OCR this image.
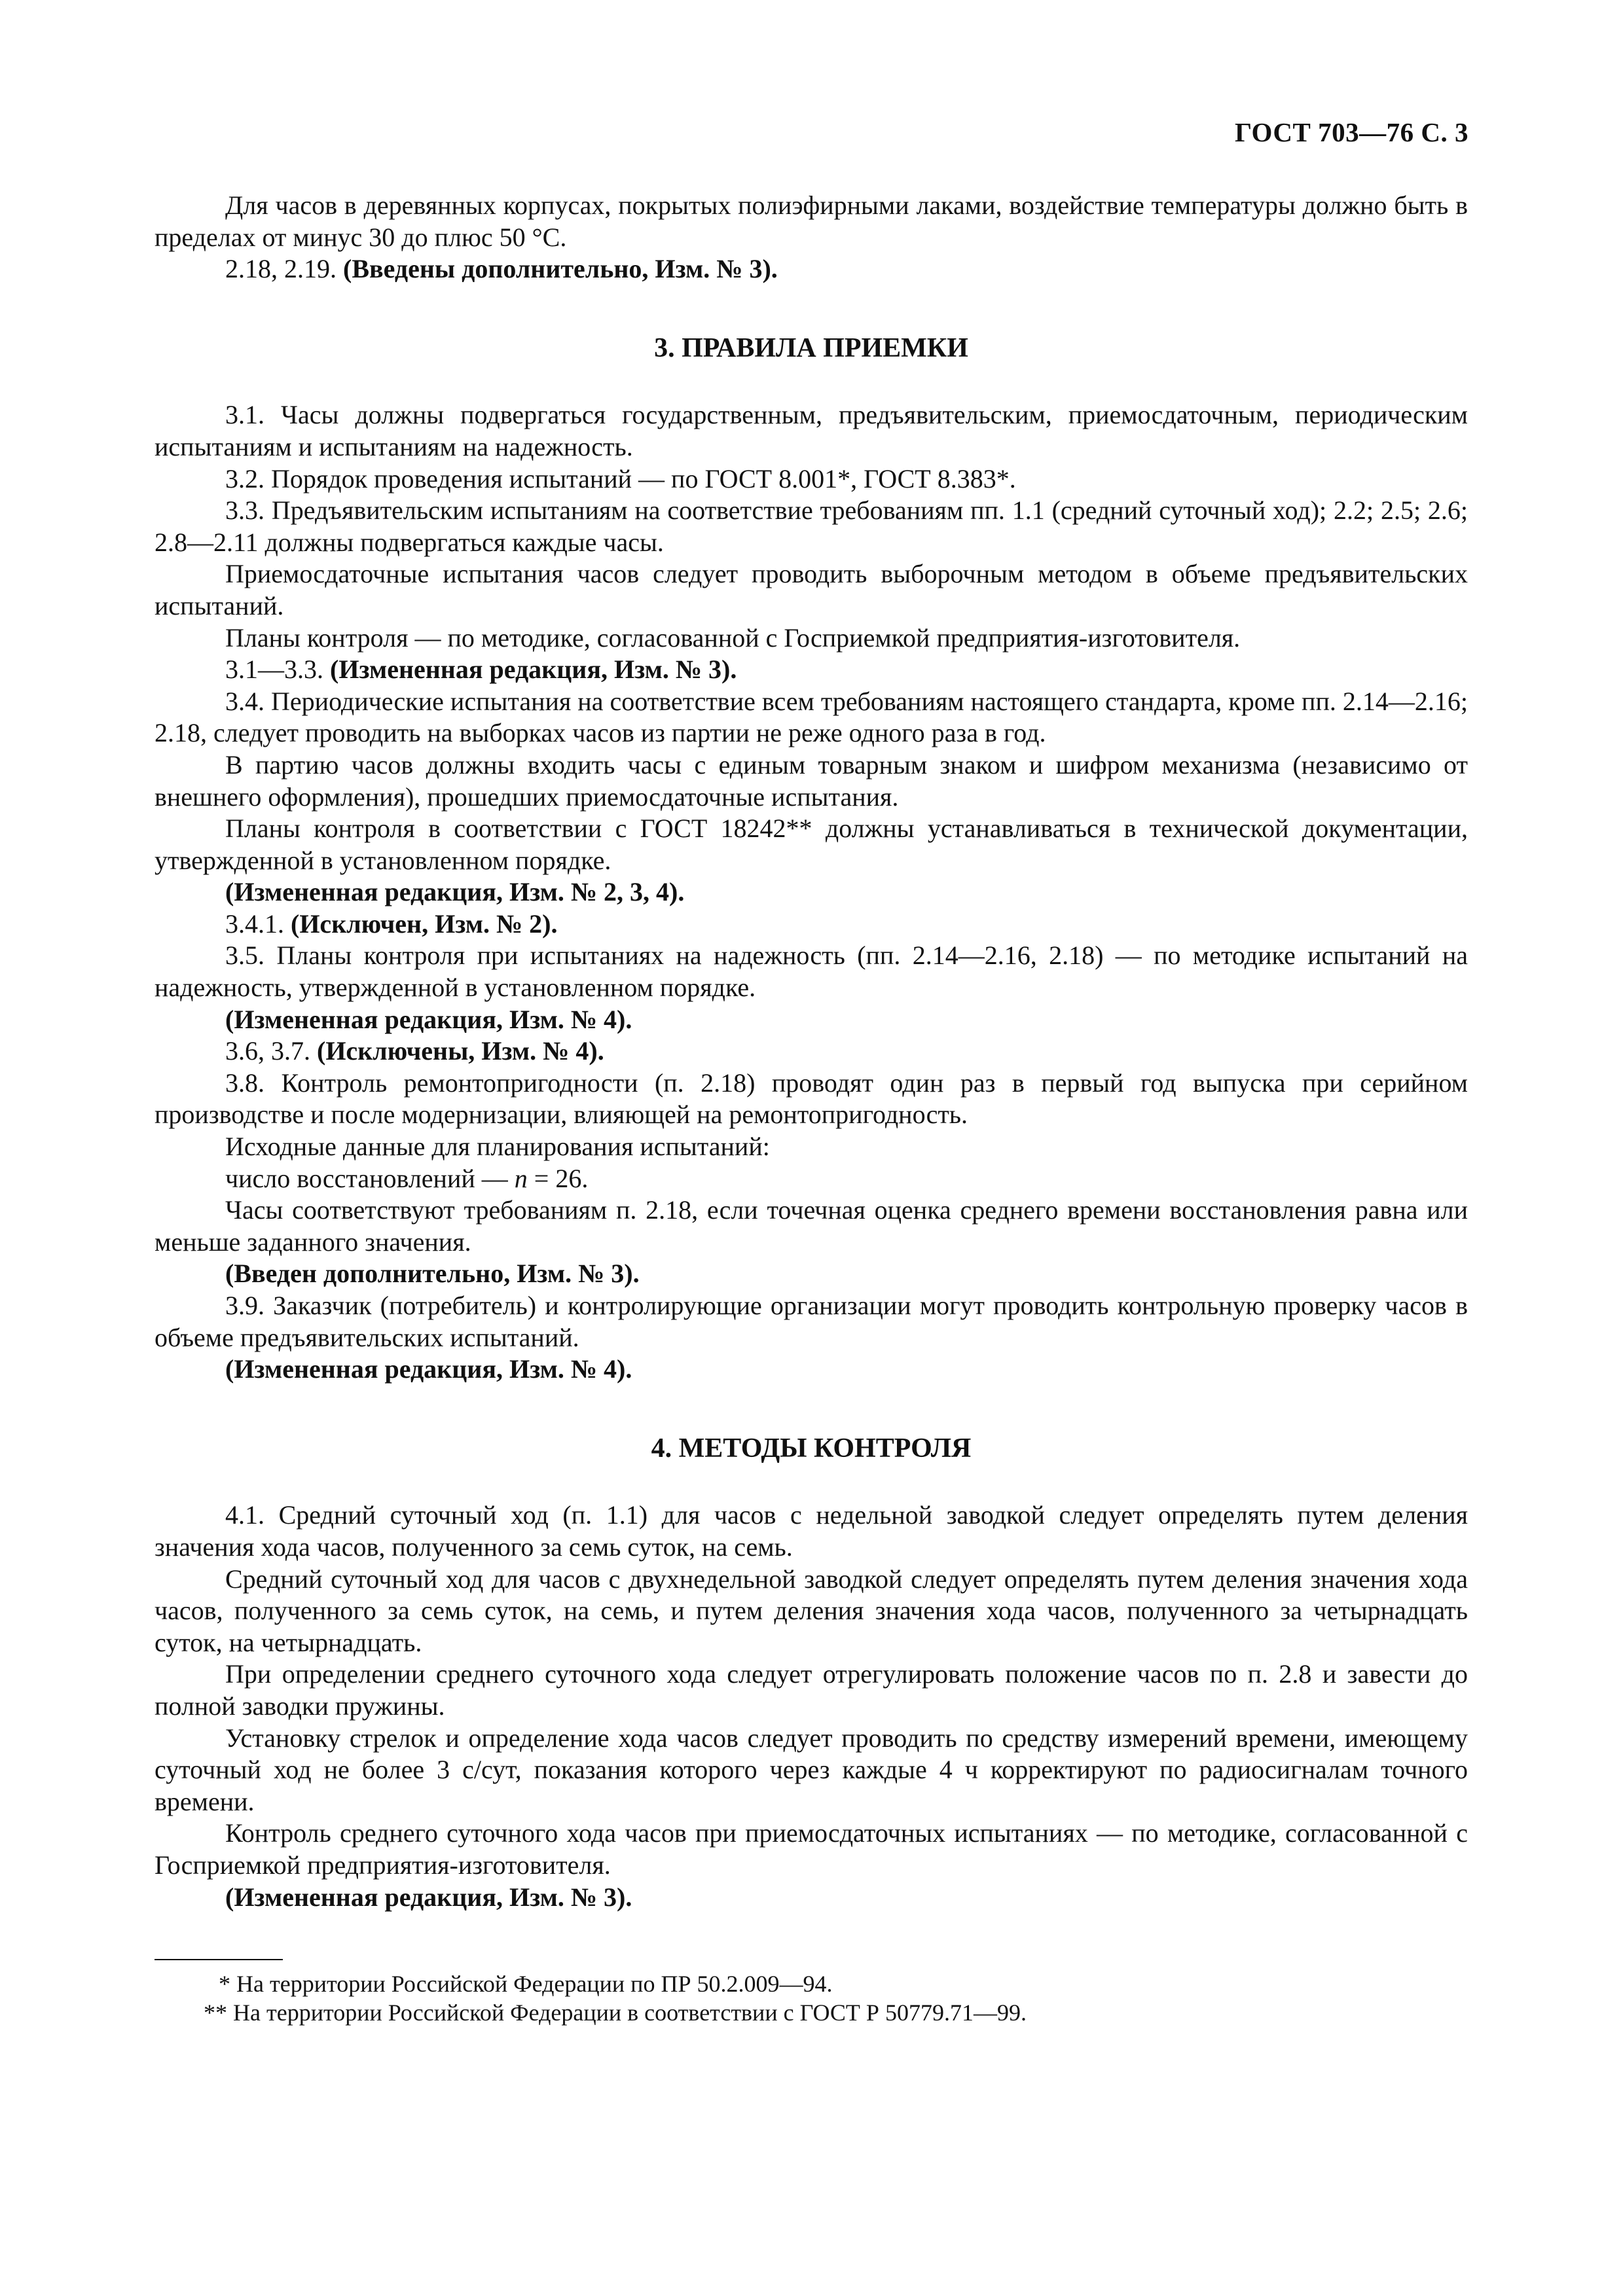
ГОСТ 703—76 С. 3

Для часов в деревянных корпусах, покрытых полиэфирными лаками, воздействие температуры должно быть в пределах от минус 30 до плюс 50 °С.

2.18, 2.19. (Введены дополнительно, Изм. № 3).

3. ПРАВИЛА ПРИЕМКИ

3.1. Часы должны подвергаться государственным, предъявительским, приемосдаточным, периодическим испытаниям и испытаниям на надежность.

3.2. Порядок проведения испытаний — по ГОСТ 8.001*, ГОСТ 8.383*.

3.3. Предъявительским испытаниям на соответствие требованиям пп. 1.1 (средний суточный ход); 2.2; 2.5; 2.6; 2.8—2.11 должны подвергаться каждые часы.

Приемосдаточные испытания часов следует проводить выборочным методом в объеме предъявительских испытаний.

Планы контроля — по методике, согласованной с Госприемкой предприятия-изготовителя.

3.1—3.3. (Измененная редакция, Изм. № 3).

3.4. Периодические испытания на соответствие всем требованиям настоящего стандарта, кроме пп. 2.14—2.16; 2.18, следует проводить на выборках часов из партии не реже одного раза в год.

В партию часов должны входить часы с единым товарным знаком и шифром механизма (независимо от внешнего оформления), прошедших приемосдаточные испытания.

Планы контроля в соответствии с ГОСТ 18242** должны устанавливаться в технической документации, утвержденной в установленном порядке.

(Измененная редакция, Изм. № 2, 3, 4).

3.4.1. (Исключен, Изм. № 2).

3.5. Планы контроля при испытаниях на надежность (пп. 2.14—2.16, 2.18) — по методике испытаний на надежность, утвержденной в установленном порядке.

(Измененная редакция, Изм. № 4).

3.6, 3.7. (Исключены, Изм. № 4).

3.8. Контроль ремонтопригодности (п. 2.18) проводят один раз в первый год выпуска при серийном производстве и после модернизации, влияющей на ремонтопригодность.

Исходные данные для планирования испытаний:

число восстановлений — n = 26.

Часы соответствуют требованиям п. 2.18, если точечная оценка среднего времени восстановления равна или меньше заданного значения.

(Введен дополнительно, Изм. № 3).

3.9. Заказчик (потребитель) и контролирующие организации могут проводить контрольную проверку часов в объеме предъявительских испытаний.

(Измененная редакция, Изм. № 4).

4. МЕТОДЫ КОНТРОЛЯ

4.1. Средний суточный ход (п. 1.1) для часов с недельной заводкой следует определять путем деления значения хода часов, полученного за семь суток, на семь.

Средний суточный ход для часов с двухнедельной заводкой следует определять путем деления значения хода часов, полученного за семь суток, на семь, и путем деления значения хода часов, полученного за четырнадцать суток, на четырнадцать.

При определении среднего суточного хода следует отрегулировать положение часов по п. 2.8 и завести до полной заводки пружины.

Установку стрелок и определение хода часов следует проводить по средству измерений времени, имеющему суточный ход не более 3 с/сут, показания которого через каждые 4 ч корректируют по радиосигналам точного времени.

Контроль среднего суточного хода часов при приемосдаточных испытаниях — по методике, согласованной с Госприемкой предприятия-изготовителя.

(Измененная редакция, Изм. № 3).

* На территории Российской Федерации по ПР 50.2.009—94.

** На территории Российской Федерации в соответствии с ГОСТ Р 50779.71—99.
